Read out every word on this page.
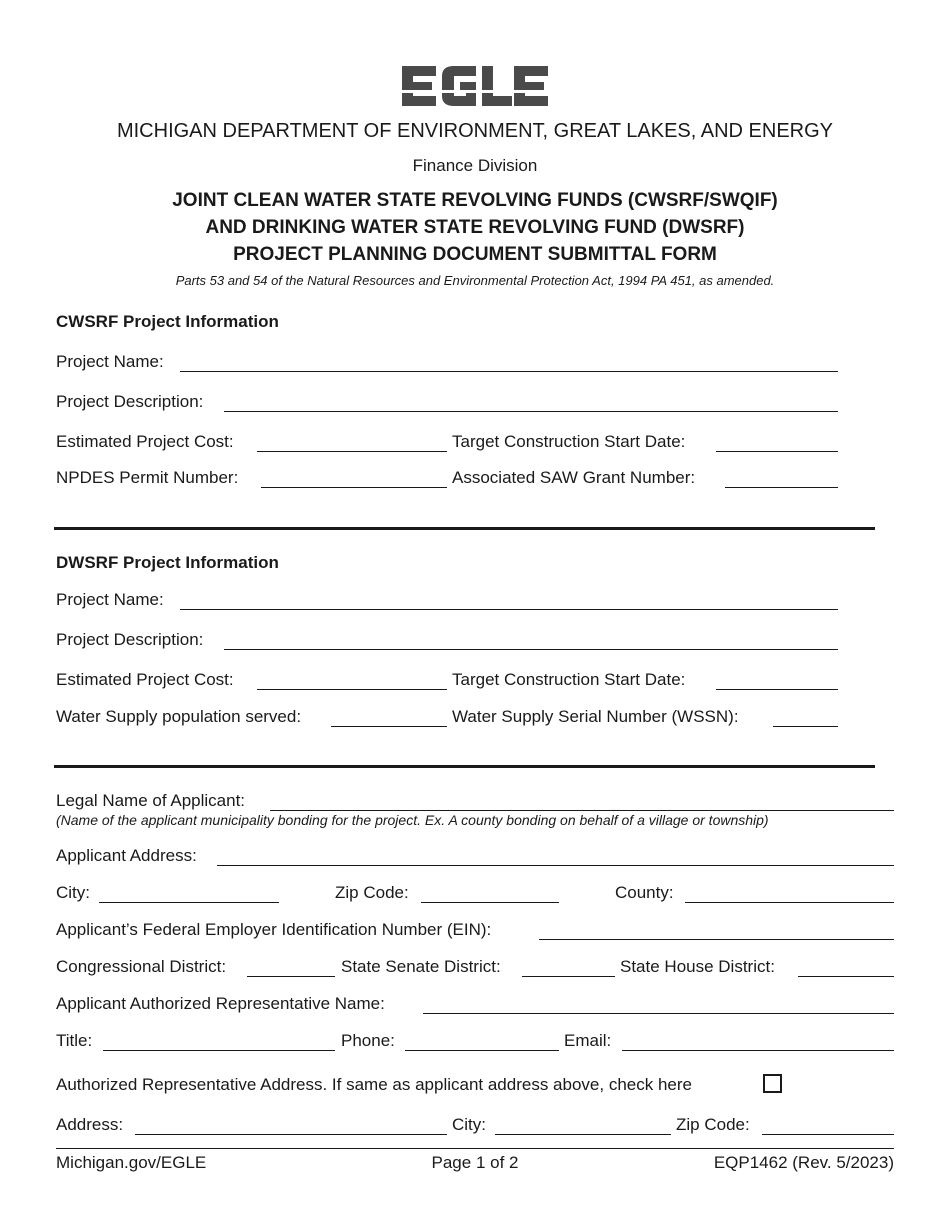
MICHIGAN DEPARTMENT OF ENVIRONMENT, GREAT LAKES, AND ENERGY
Finance Division
JOINT CLEAN WATER STATE REVOLVING FUNDS (CWSRF/SWQIF)
AND DRINKING WATER STATE REVOLVING FUND (DWSRF)
PROJECT PLANNING DOCUMENT SUBMITTAL FORM
Parts 53 and 54 of the Natural Resources and Environmental Protection Act, 1994 PA 451, as amended.
CWSRF Project Information
Project Name:
Project Description:
Estimated Project Cost:	Target Construction Start Date:
NPDES Permit Number:	Associated SAW Grant Number:
DWSRF Project Information
Project Name:
Project Description:
Estimated Project Cost:	Target Construction Start Date:
Water Supply population served:	Water Supply Serial Number (WSSN):
Legal Name of Applicant:
(Name of the applicant municipality bonding for the project. Ex. A county bonding on behalf of a village or township)
Applicant Address:
City:	Zip Code:	County:
Applicant’s Federal Employer Identification Number (EIN):
Congressional District:	State Senate District:	State House District:
Applicant Authorized Representative Name:
Title:	Phone:	Email:
Authorized Representative Address. If same as applicant address above, check here
Address:	City:	Zip Code:
Michigan.gov/EGLE	Page 1 of 2	EQP1462 (Rev. 5/2023)
